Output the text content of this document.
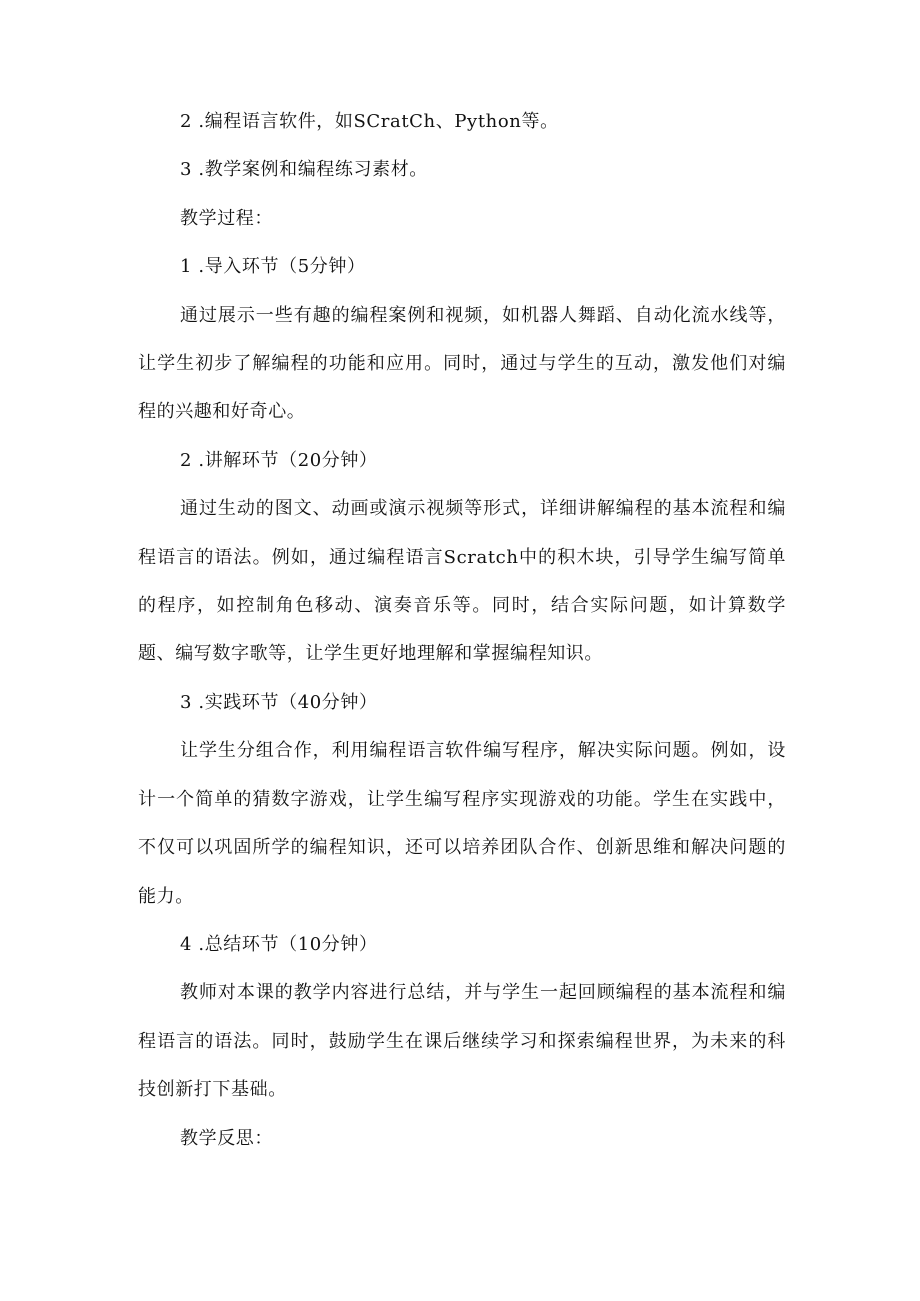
2 .编程语言软件，如SCratCh、Python等。

3 .教学案例和编程练习素材。

教学过程：

1 .导入环节（5分钟）

通过展示一些有趣的编程案例和视频，如机器人舞蹈、自动化流水线等，让学生初步了解编程的功能和应用。同时，通过与学生的互动，激发他们对编程的兴趣和好奇心。

2 .讲解环节（20分钟）

通过生动的图文、动画或演示视频等形式，详细讲解编程的基本流程和编程语言的语法。例如，通过编程语言Scratch中的积木块，引导学生编写简单的程序，如控制角色移动、演奏音乐等。同时，结合实际问题，如计算数学题、编写数字歌等，让学生更好地理解和掌握编程知识。

3 .实践环节（40分钟）

让学生分组合作，利用编程语言软件编写程序，解决实际问题。例如，设计一个简单的猜数字游戏，让学生编写程序实现游戏的功能。学生在实践中，不仅可以巩固所学的编程知识，还可以培养团队合作、创新思维和解决问题的能力。

4 .总结环节（10分钟）

教师对本课的教学内容进行总结，并与学生一起回顾编程的基本流程和编程语言的语法。同时，鼓励学生在课后继续学习和探索编程世界，为未来的科技创新打下基础。

教学反思：
